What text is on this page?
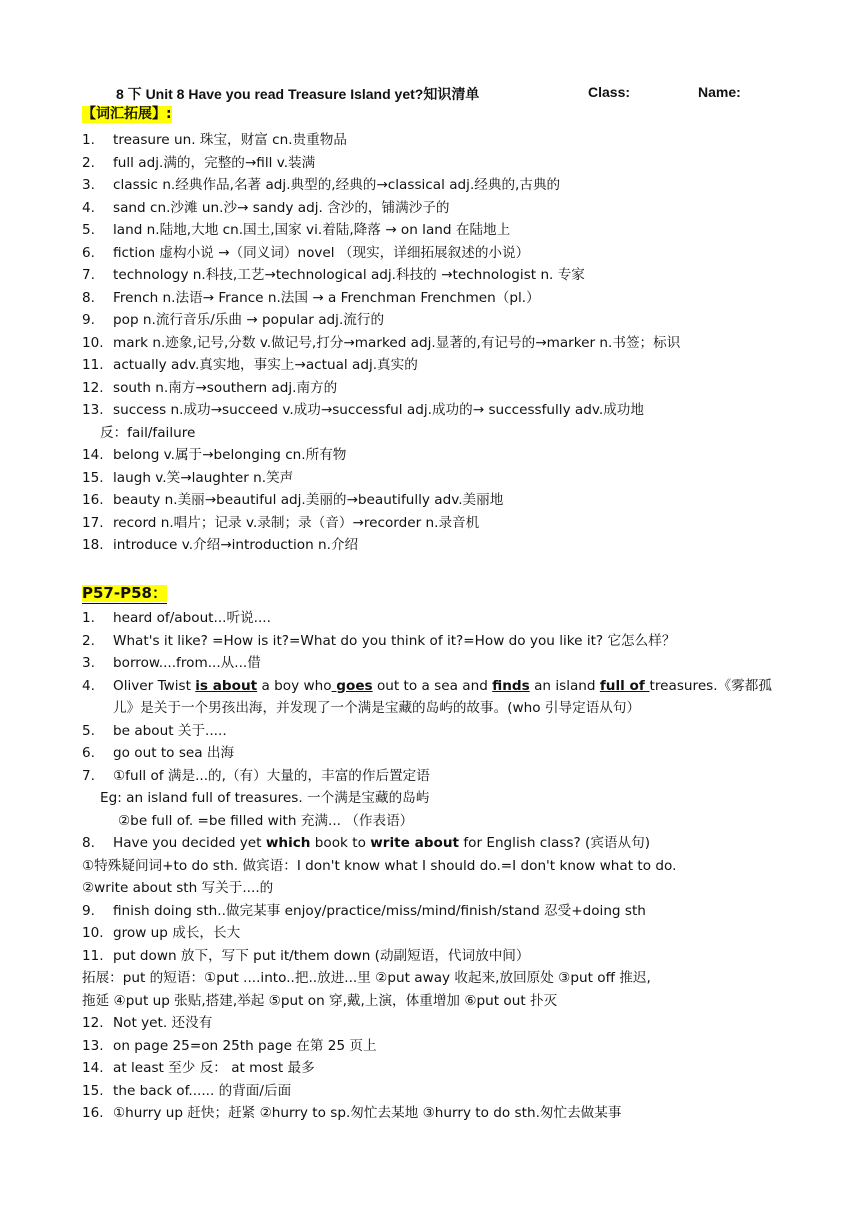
8 下 Unit 8 Have you read Treasure Island yet?知识清单	Class:	Name:
【词汇拓展】:
1. treasure un. 珠宝，财富 cn.贵重物品
2. full adj.满的，完整的→fill v.装满
3. classic n.经典作品,名著 adj.典型的,经典的→classical adj.经典的,古典的
4. sand cn.沙滩 un.沙→ sandy adj. 含沙的，铺满沙子的
5. land n.陆地,大地 cn.国土,国家 vi.着陆,降落 → on land 在陆地上
6. fiction 虚构小说 →（同义词）novel （现实，详细拓展叙述的小说）
7. technology n.科技,工艺→technological adj.科技的 →technologist n. 专家
8. French n.法语→ France n.法国 → a Frenchman Frenchmen（pl.）
9. pop n.流行音乐/乐曲 → popular adj.流行的
10. mark n.迹象,记号,分数 v.做记号,打分→marked adj.显著的,有记号的→marker n.书签；标识
11. actually adv.真实地，事实上→actual adj.真实的
12. south n.南方→southern adj.南方的
13. success n.成功→succeed v.成功→successful adj.成功的→ successfully adv.成功地
反：fail/failure
14. belong v.属于→belonging cn.所有物
15. laugh v.笑→laughter n.笑声
16. beauty n.美丽→beautiful adj.美丽的→beautifully adv.美丽地
17. record n.唱片；记录 v.录制；录（音）→recorder n.录音机
18. introduce v.介绍→introduction n.介绍
P57-P58：
1. heard of/about...听说....
2. What's it like? =How is it?=What do you think of it?=How do you like it? 它怎么样？
3. borrow....from...从...借
4. Oliver Twist is about a boy who goes out to a sea and finds an island full of treasures.《雾都孤
儿》是关于一个男孩出海，并发现了一个满是宝藏的岛屿的故事。(who 引导定语从句）
5. be about 关于.....
6. go out to sea 出海
7. ①full of 满是...的,（有）大量的，丰富的作后置定语
Eg: an island full of treasures. 一个满是宝藏的岛屿
②be full of. =be filled with 充满... （作表语）
8. Have you decided yet which book to write about for English class? (宾语从句)
①特殊疑问词+to do sth. 做宾语：I don't know what I should do.=I don't know what to do.
②write about sth 写关于....的
9. finish doing sth..做完某事 enjoy/practice/miss/mind/finish/stand 忍受+doing sth
10. grow up 成长，长大
11. put down 放下，写下 put it/them down (动副短语，代词放中间）
拓展：put 的短语：①put ....into..把..放进...里 ②put away 收起来,放回原处 ③put off 推迟,
拖延 ④put up 张贴,搭建,举起 ⑤put on 穿,戴,上演，体重增加 ⑥put out 扑灭
12. Not yet. 还没有
13. on page 25=on 25th page 在第 25 页上
14. at least 至少 反： at most 最多
15. the back of...... 的背面/后面
16. ①hurry up 赶快；赶紧 ②hurry to sp.匆忙去某地 ③hurry to do sth.匆忙去做某事
